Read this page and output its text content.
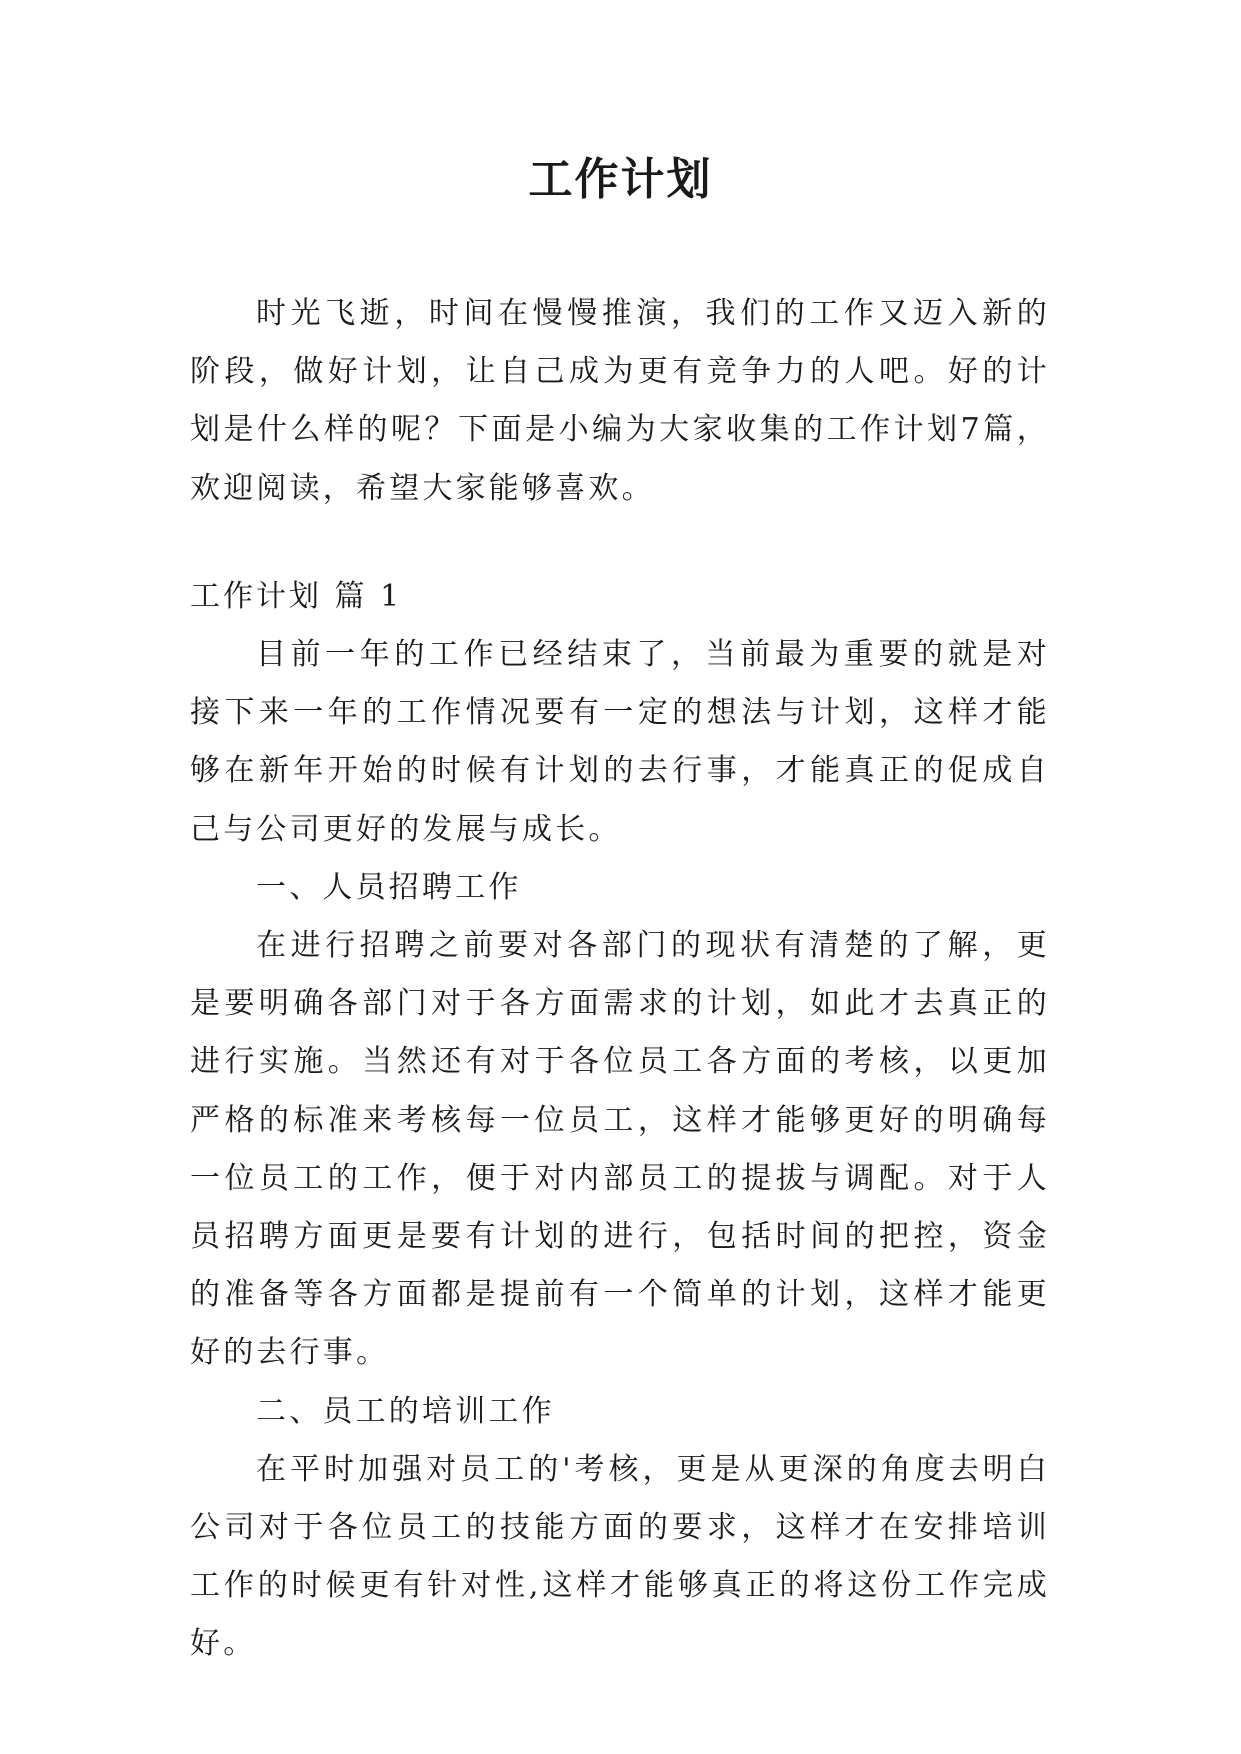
工作计划

时光飞逝，时间在慢慢推演，我们的工作又迈入新的阶段，做好计划，让自己成为更有竞争力的人吧。好的计划是什么样的呢？下面是小编为大家收集的工作计划7篇，欢迎阅读，希望大家能够喜欢。

工作计划 篇 1

目前一年的工作已经结束了，当前最为重要的就是对接下来一年的工作情况要有一定的想法与计划，这样才能够在新年开始的时候有计划的去行事，才能真正的促成自己与公司更好的发展与成长。

一、人员招聘工作

在进行招聘之前要对各部门的现状有清楚的了解，更是要明确各部门对于各方面需求的计划，如此才去真正的进行实施。当然还有对于各位员工各方面的考核，以更加严格的标准来考核每一位员工，这样才能够更好的明确每一位员工的工作，便于对内部员工的提拔与调配。对于人员招聘方面更是要有计划的进行，包括时间的把控，资金的准备等各方面都是提前有一个简单的计划，这样才能更好的去行事。

二、员工的培训工作

在平时加强对员工的'考核，更是从更深的角度去明白公司对于各位员工的技能方面的要求，这样才在安排培训工作的时候更有针对性,这样才能够真正的将这份工作完成好。
